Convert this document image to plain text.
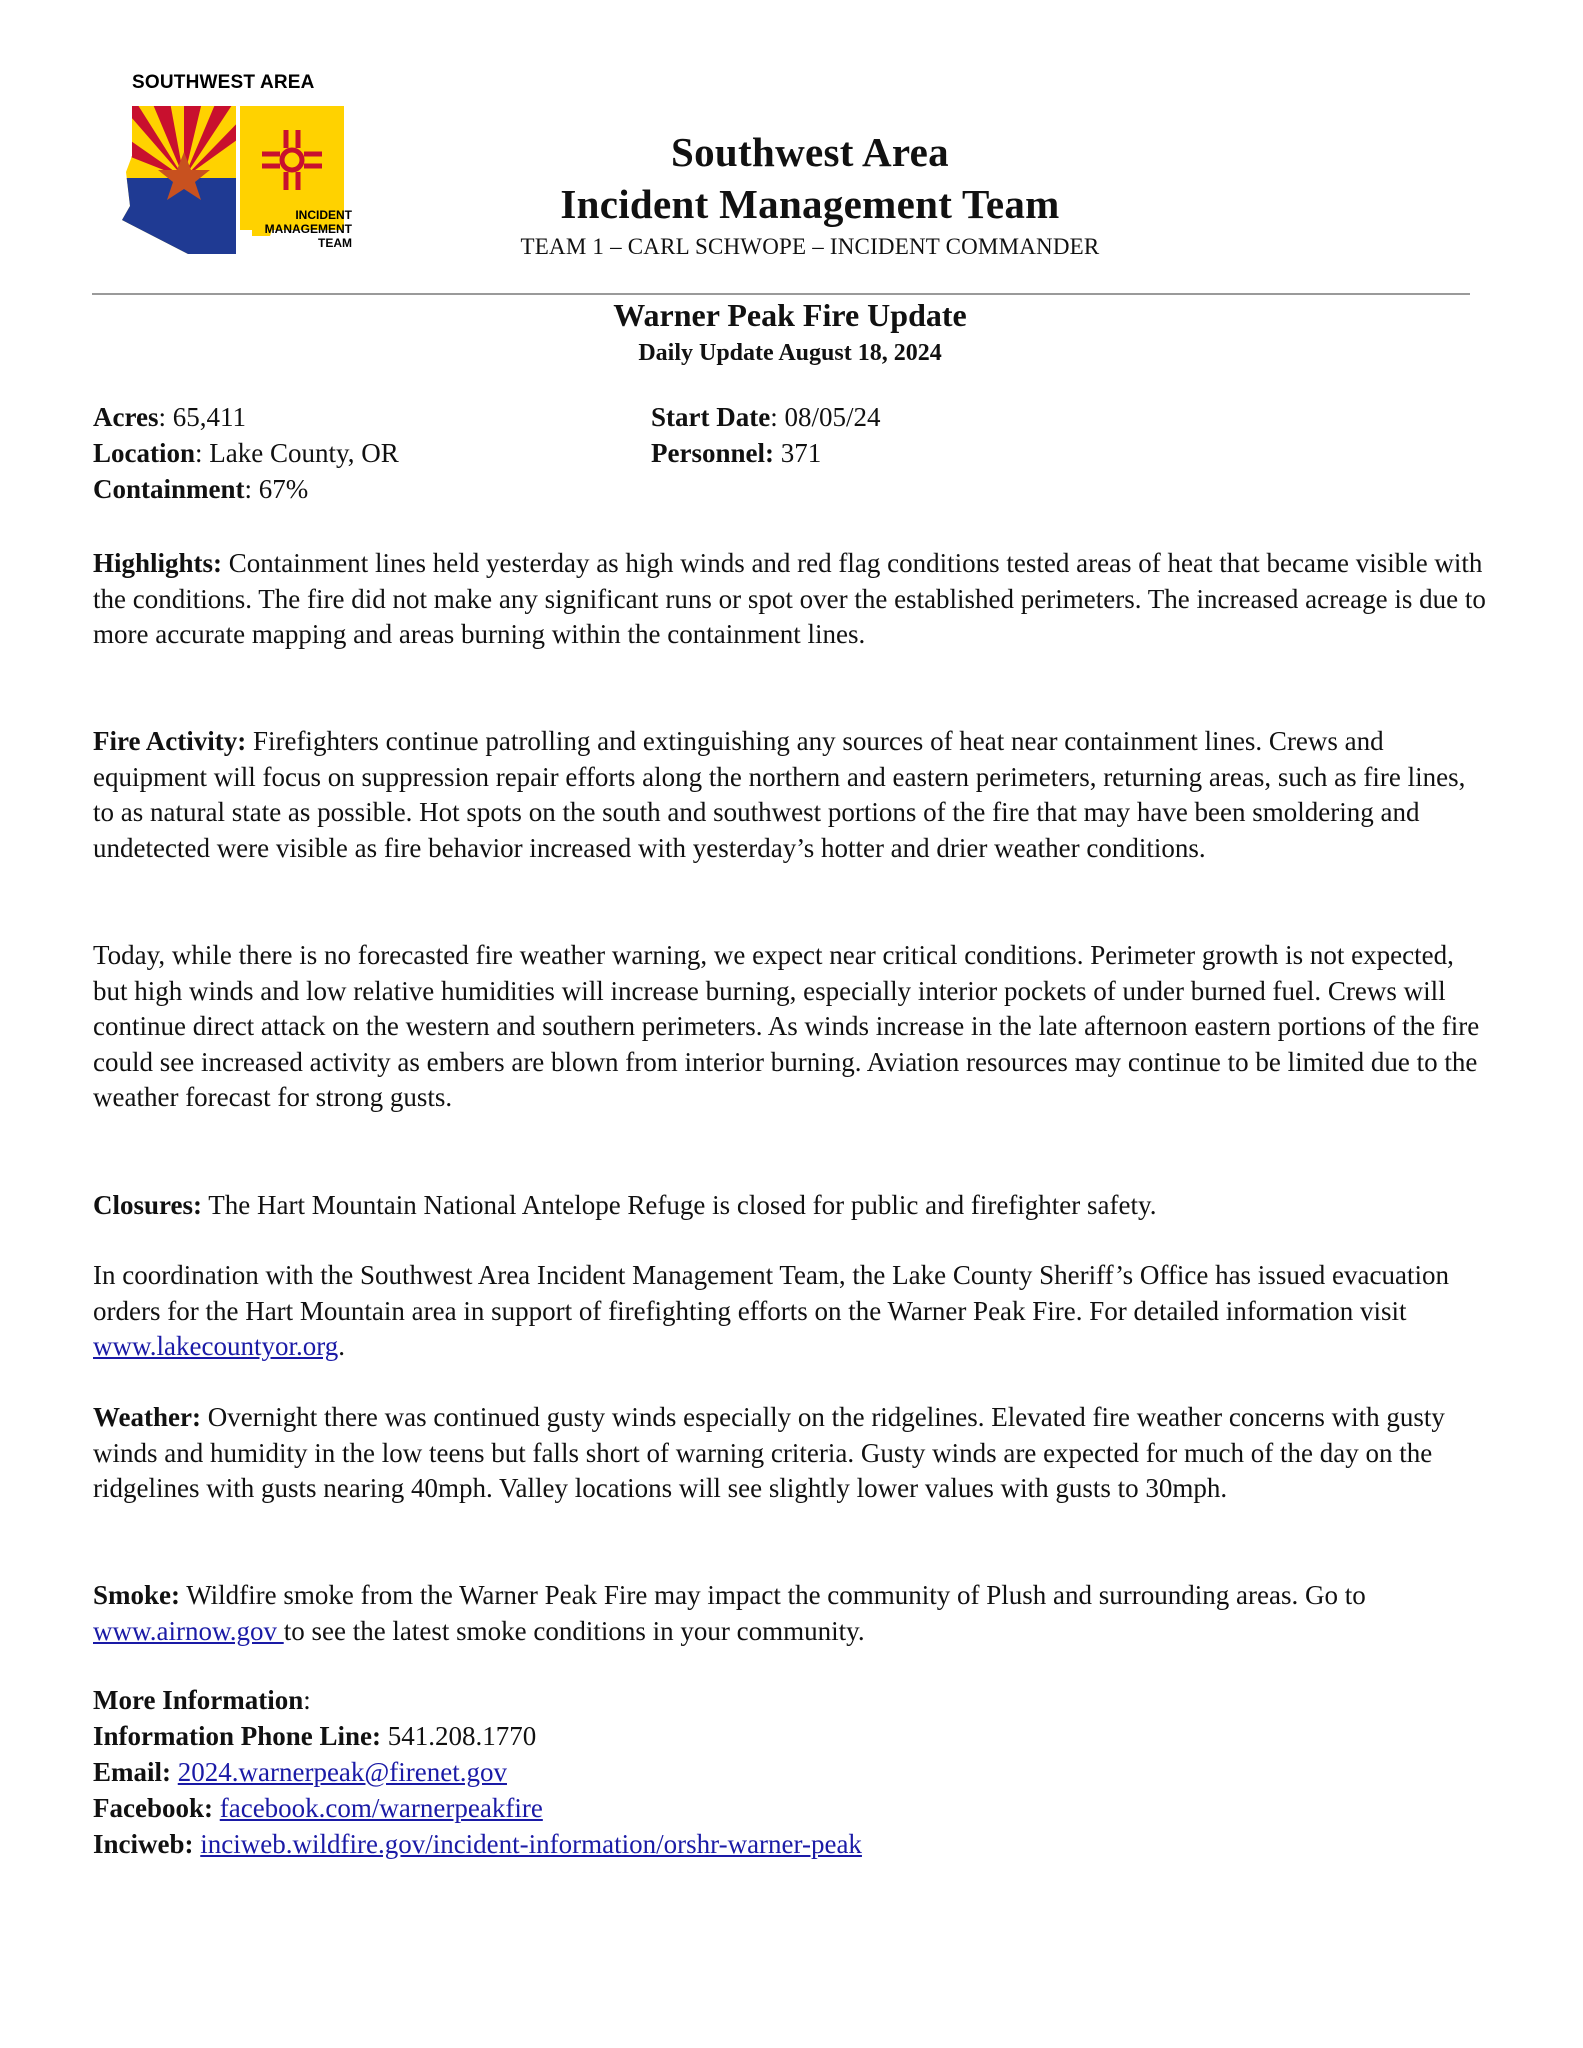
SOUTHWEST AREA
INCIDENT
MANAGEMENT
TEAM
Southwest Area
Incident Management Team
TEAM 1 – CARL SCHWOPE – INCIDENT COMMANDER
Warner Peak Fire Update
Daily Update August 18, 2024
Acres: 65,411
Location: Lake County, OR
Containment: 67%
Start Date: 08/05/24
Personnel: 371
Highlights: Containment lines held yesterday as high winds and red flag conditions tested areas of heat that became visible with the conditions. The fire did not make any significant runs or spot over the established perimeters. The increased acreage is due to more accurate mapping and areas burning within the containment lines.
Fire Activity: Firefighters continue patrolling and extinguishing any sources of heat near containment lines. Crews and equipment will focus on suppression repair efforts along the northern and eastern perimeters, returning areas, such as fire lines, to as natural state as possible. Hot spots on the south and southwest portions of the fire that may have been smoldering and undetected were visible as fire behavior increased with yesterday’s hotter and drier weather conditions.
Today, while there is no forecasted fire weather warning, we expect near critical conditions. Perimeter growth is not expected, but high winds and low relative humidities will increase burning, especially interior pockets of under burned fuel. Crews will continue direct attack on the western and southern perimeters. As winds increase in the late afternoon eastern portions of the fire could see increased activity as embers are blown from interior burning. Aviation resources may continue to be limited due to the weather forecast for strong gusts.
Closures: The Hart Mountain National Antelope Refuge is closed for public and firefighter safety.
In coordination with the Southwest Area Incident Management Team, the Lake County Sheriff’s Office has issued evacuation orders for the Hart Mountain area in support of firefighting efforts on the Warner Peak Fire. For detailed information visit www.lakecountyor.org.
Weather: Overnight there was continued gusty winds especially on the ridgelines. Elevated fire weather concerns with gusty winds and humidity in the low teens but falls short of warning criteria. Gusty winds are expected for much of the day on the ridgelines with gusts nearing 40mph. Valley locations will see slightly lower values with gusts to 30mph.
Smoke: Wildfire smoke from the Warner Peak Fire may impact the community of Plush and surrounding areas. Go to www.airnow.gov to see the latest smoke conditions in your community.
More Information:
Information Phone Line: 541.208.1770
Email: 2024.warnerpeak@firenet.gov
Facebook: facebook.com/warnerpeakfire
Inciweb: inciweb.wildfire.gov/incident-information/orshr-warner-peak
